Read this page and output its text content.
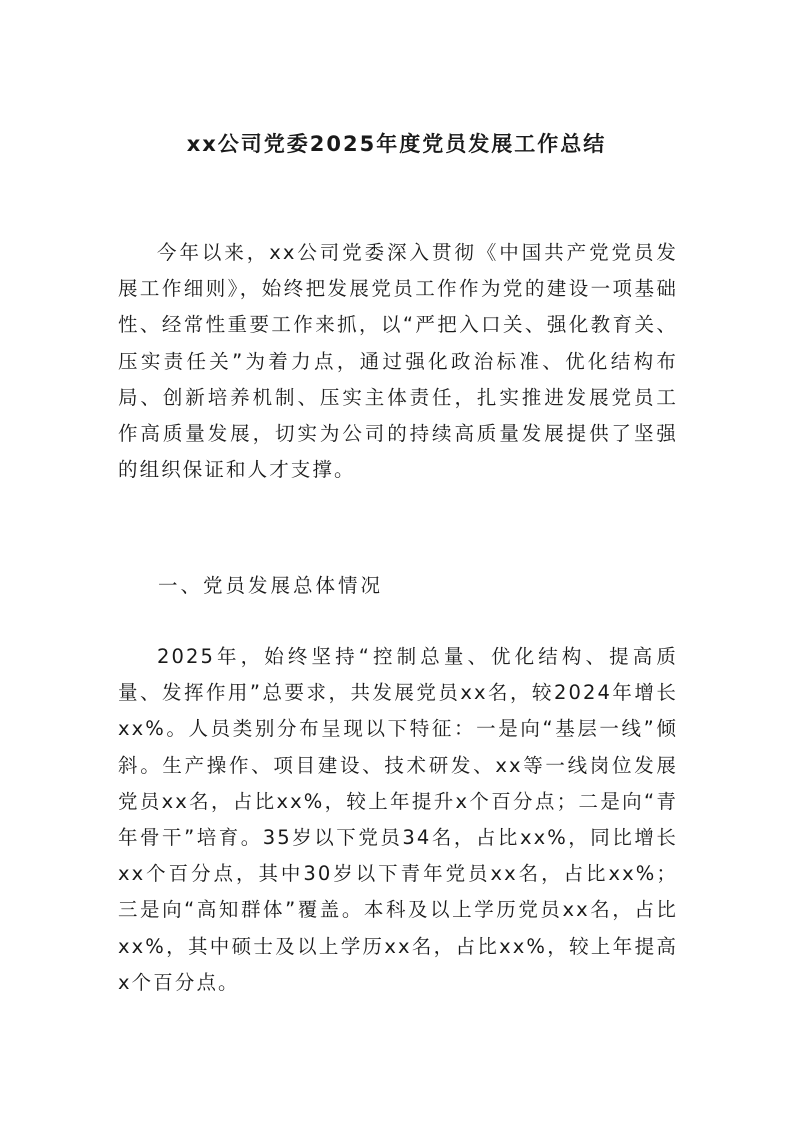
xx公司党委2025年度党员发展工作总结

今年以来，xx公司党委深入贯彻《中国共产党党员发展工作细则》，始终把发展党员工作作为党的建设一项基础性、经常性重要工作来抓，以“严把入口关、强化教育关、压实责任关”为着力点，通过强化政治标准、优化结构布局、创新培养机制、压实主体责任，扎实推进发展党员工作高质量发展，切实为公司的持续高质量发展提供了坚强的组织保证和人才支撑。

一、党员发展总体情况

2025年，始终坚持“控制总量、优化结构、提高质量、发挥作用”总要求，共发展党员xx名，较2024年增长xx%。人员类别分布呈现以下特征：一是向“基层一线”倾斜。生产操作、项目建设、技术研发、xx等一线岗位发展党员xx名，占比xx%，较上年提升x个百分点；二是向“青年骨干”培育。35岁以下党员34名，占比xx%，同比增长xx个百分点，其中30岁以下青年党员xx名，占比xx%；三是向“高知群体”覆盖。本科及以上学历党员xx名，占比xx%，其中硕士及以上学历xx名，占比xx%，较上年提高x个百分点。
